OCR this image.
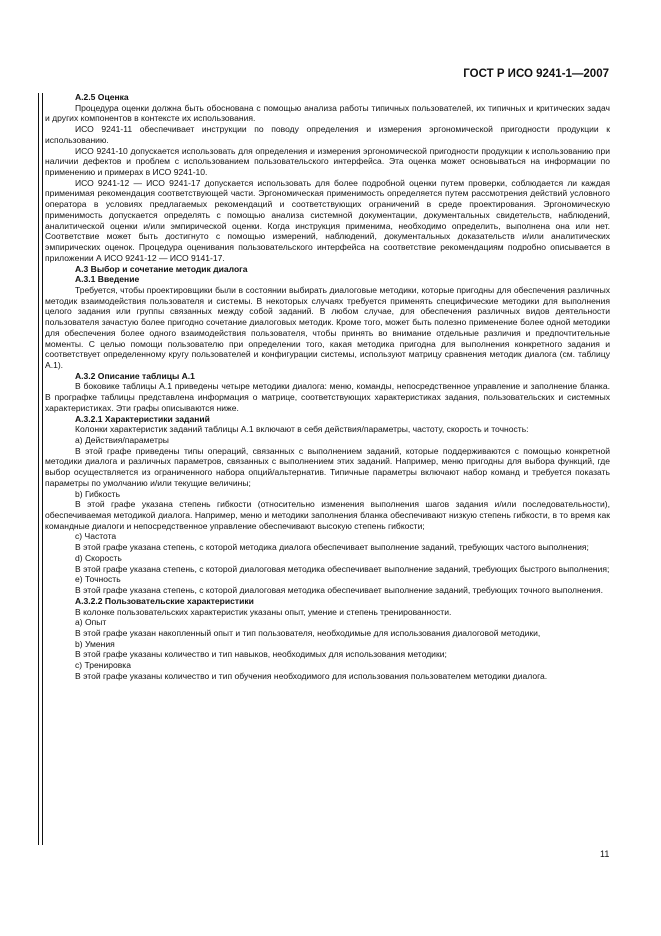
ГОСТ Р ИСО 9241-1—2007
А.2.5 Оценка
Процедура оценки должна быть обоснована с помощью анализа работы типичных пользователей, их типичных и критических задач и других компонентов в контексте их использования.
ИСО 9241-11 обеспечивает инструкции по поводу определения и измерения эргономической пригодности продукции к использованию.
ИСО 9241-10 допускается использовать для определения и измерения эргономической пригодности продукции к использованию при наличии дефектов и проблем с использованием пользовательского интерфейса. Эта оценка может основываться на информации по применению и примерах в ИСО 9241-10.
ИСО 9241-12 — ИСО 9241-17 допускается использовать для более подробной оценки путем проверки, соблюдается ли каждая применимая рекомендация соответствующей части. Эргономическая применимость определяется путем рассмотрения действий условного оператора в условиях предлагаемых рекомендаций и соответствующих ограничений в среде проектирования. Эргономическую применимость допускается определять с помощью анализа системной документации, документальных свидетельств, наблюдений, аналитической оценки и/или эмпирической оценки. Когда инструкция применима, необходимо определить, выполнена она или нет. Соответствие может быть достигнуто с помощью измерений, наблюдений, документальных доказательств и/или аналитических эмпирических оценок. Процедура оценивания пользовательского интерфейса на соответствие рекомендациям подробно описывается в приложении А ИСО 9241-12 — ИСО 9141-17.
А.3 Выбор и сочетание методик диалога
А.3.1 Введение
Требуется, чтобы проектировщики были в состоянии выбирать диалоговые методики, которые пригодны для обеспечения различных методик взаимодействия пользователя и системы. В некоторых случаях требуется применять специфические методики для выполнения целого задания или группы связанных между собой заданий. В любом случае, для обеспечения различных видов деятельности пользователя зачастую более пригодно сочетание диалоговых методик. Кроме того, может быть полезно применение более одной методики для обеспечения более одного взаимодействия пользователя, чтобы принять во внимание отдельные различия и предпочтительные моменты. С целью помощи пользователю при определении того, какая методика пригодна для выполнения конкретного задания и соответствует определенному кругу пользователей и конфигурации системы, используют матрицу сравнения методик диалога (см. таблицу А.1).
А.3.2 Описание таблицы А.1
В боковике таблицы А.1 приведены четыре методики диалога: меню, команды, непосредственное управление и заполнение бланка. В прографке таблицы представлена информация о матрице, соответствующих характеристиках задания, пользовательских и системных характеристиках. Эти графы описываются ниже.
А.3.2.1 Характеристики заданий
Колонки характеристик заданий таблицы А.1 включают в себя действия/параметры, частоту, скорость и точность:
a) Действия/параметры
В этой графе приведены типы операций, связанных с выполнением заданий, которые поддерживаются с помощью конкретной методики диалога и различных параметров, связанных с выполнением этих заданий. Например, меню пригодны для выбора функций, где выбор осуществляется из ограниченного набора опций/альтернатив. Типичные параметры включают набор команд и требуется показать параметры по умолчанию и/или текущие величины;
b) Гибкость
В этой графе указана степень гибкости (относительно изменения выполнения шагов задания и/или последовательности), обеспечиваемая методикой диалога. Например, меню и методики заполнения бланка обеспечивают низкую степень гибкости, в то время как командные диалоги и непосредственное управление обеспечивают высокую степень гибкости;
c) Частота
В этой графе указана степень, с которой методика диалога обеспечивает выполнение заданий, требующих частого выполнения;
d) Скорость
В этой графе указана степень, с которой диалоговая методика обеспечивает выполнение заданий, требующих быстрого выполнения;
e) Точность
В этой графе указана степень, с которой диалоговая методика обеспечивает выполнение заданий, требующих точного выполнения.
А.3.2.2 Пользовательские характеристики
В колонке пользовательских характеристик указаны опыт, умение и степень тренированности.
a) Опыт
В этой графе указан накопленный опыт и тип пользователя, необходимые для использования диалоговой методики,
b) Умения
В этой графе указаны количество и тип навыков, необходимых для использования методики;
c) Тренировка
В этой графе указаны количество и тип обучения необходимого для использования пользователем методики диалога.
11
